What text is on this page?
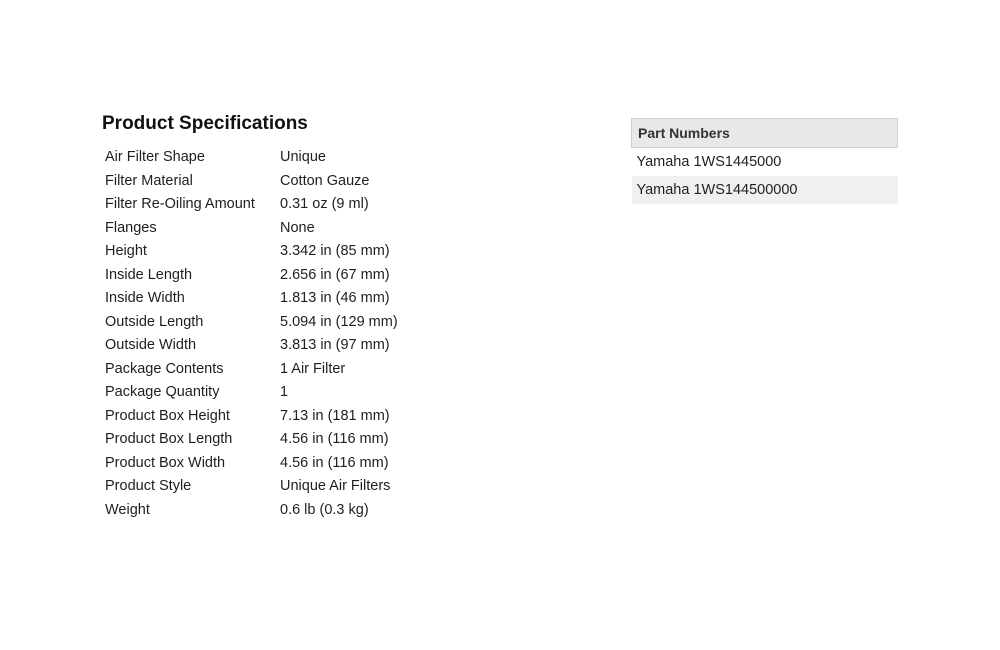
Product Specifications
Air Filter Shape	Unique
Filter Material	Cotton Gauze
Filter Re-Oiling Amount	0.31 oz (9 ml)
Flanges	None
Height	3.342 in (85 mm)
Inside Length	2.656 in (67 mm)
Inside Width	1.813 in (46 mm)
Outside Length	5.094 in (129 mm)
Outside Width	3.813 in (97 mm)
Package Contents	1 Air Filter
Package Quantity	1
Product Box Height	7.13 in (181 mm)
Product Box Length	4.56 in (116 mm)
Product Box Width	4.56 in (116 mm)
Product Style	Unique Air Filters
Weight	0.6 lb (0.3 kg)
Part Numbers
Yamaha 1WS1445000
Yamaha 1WS144500000
